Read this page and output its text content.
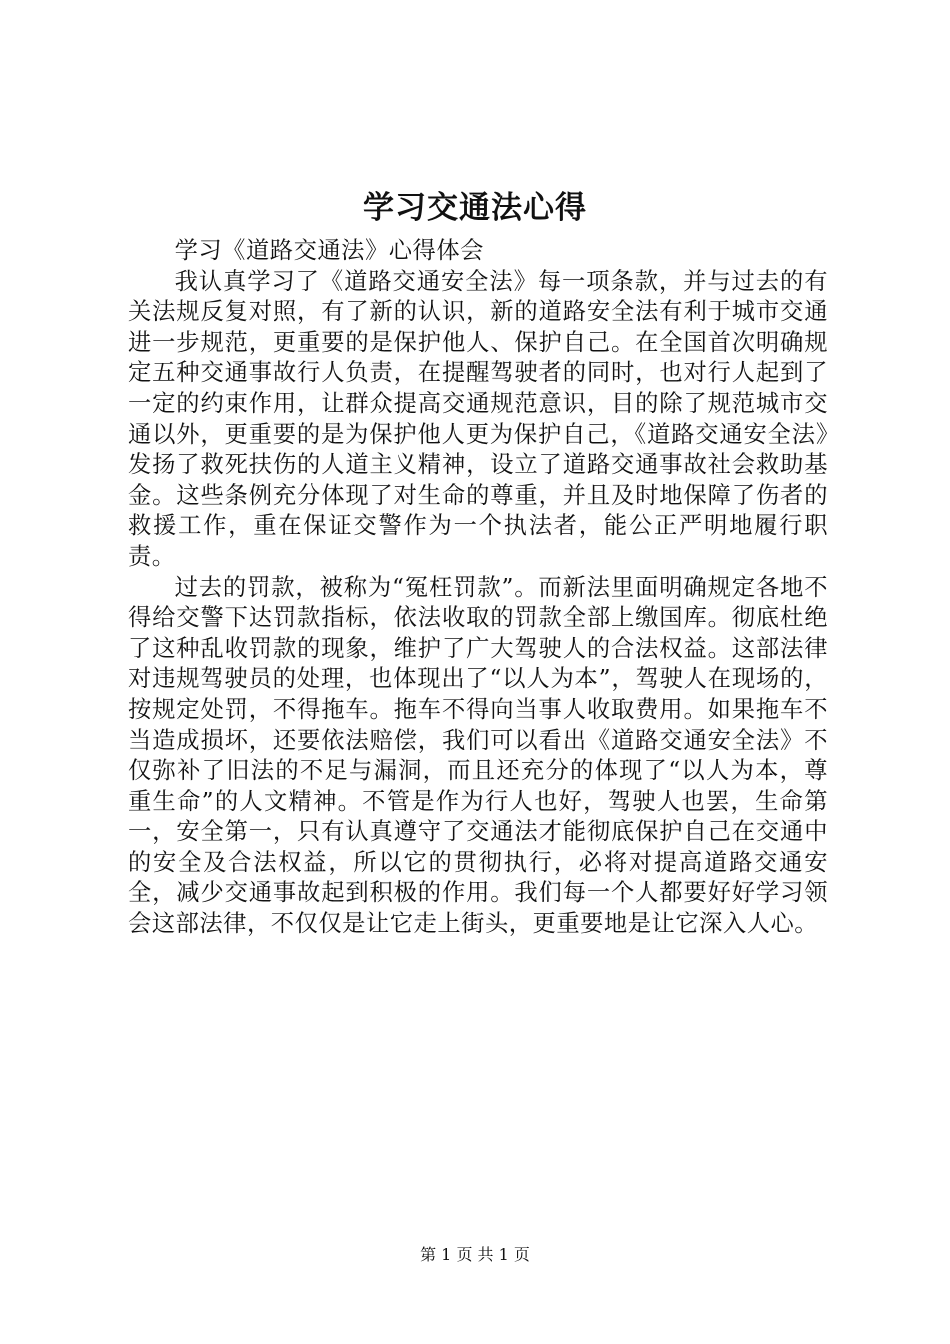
学习交通法心得

学习《道路交通法》心得体会

我认真学习了《道路交通安全法》每一项条款，并与过去的有关法规反复对照，有了新的认识，新的道路安全法有利于城市交通进一步规范，更重要的是保护他人、保护自己。在全国首次明确规定五种交通事故行人负责，在提醒驾驶者的同时，也对行人起到了一定的约束作用，让群众提高交通规范意识，目的除了规范城市交通以外，更重要的是为保护他人更为保护自己，《道路交通安全法》发扬了救死扶伤的人道主义精神，设立了道路交通事故社会救助基金。这些条例充分体现了对生命的尊重，并且及时地保障了伤者的救援工作，重在保证交警作为一个执法者，能公正严明地履行职责。

过去的罚款，被称为“冤枉罚款”。而新法里面明确规定各地不得给交警下达罚款指标，依法收取的罚款全部上缴国库。彻底杜绝了这种乱收罚款的现象，维护了广大驾驶人的合法权益。这部法律对违规驾驶员的处理，也体现出了“以人为本”，驾驶人在现场的，按规定处罚，不得拖车。拖车不得向当事人收取费用。如果拖车不当造成损坏，还要依法赔偿，我们可以看出《道路交通安全法》不仅弥补了旧法的不足与漏洞，而且还充分的体现了“以人为本，尊重生命”的人文精神。不管是作为行人也好，驾驶人也罢，生命第一，安全第一，只有认真遵守了交通法才能彻底保护自己在交通中的安全及合法权益，所以它的贯彻执行，必将对提高道路交通安全，减少交通事故起到积极的作用。我们每一个人都要好好学习领会这部法律，不仅仅是让它走上街头，更重要地是让它深入人心。

第 1 页 共 1 页
